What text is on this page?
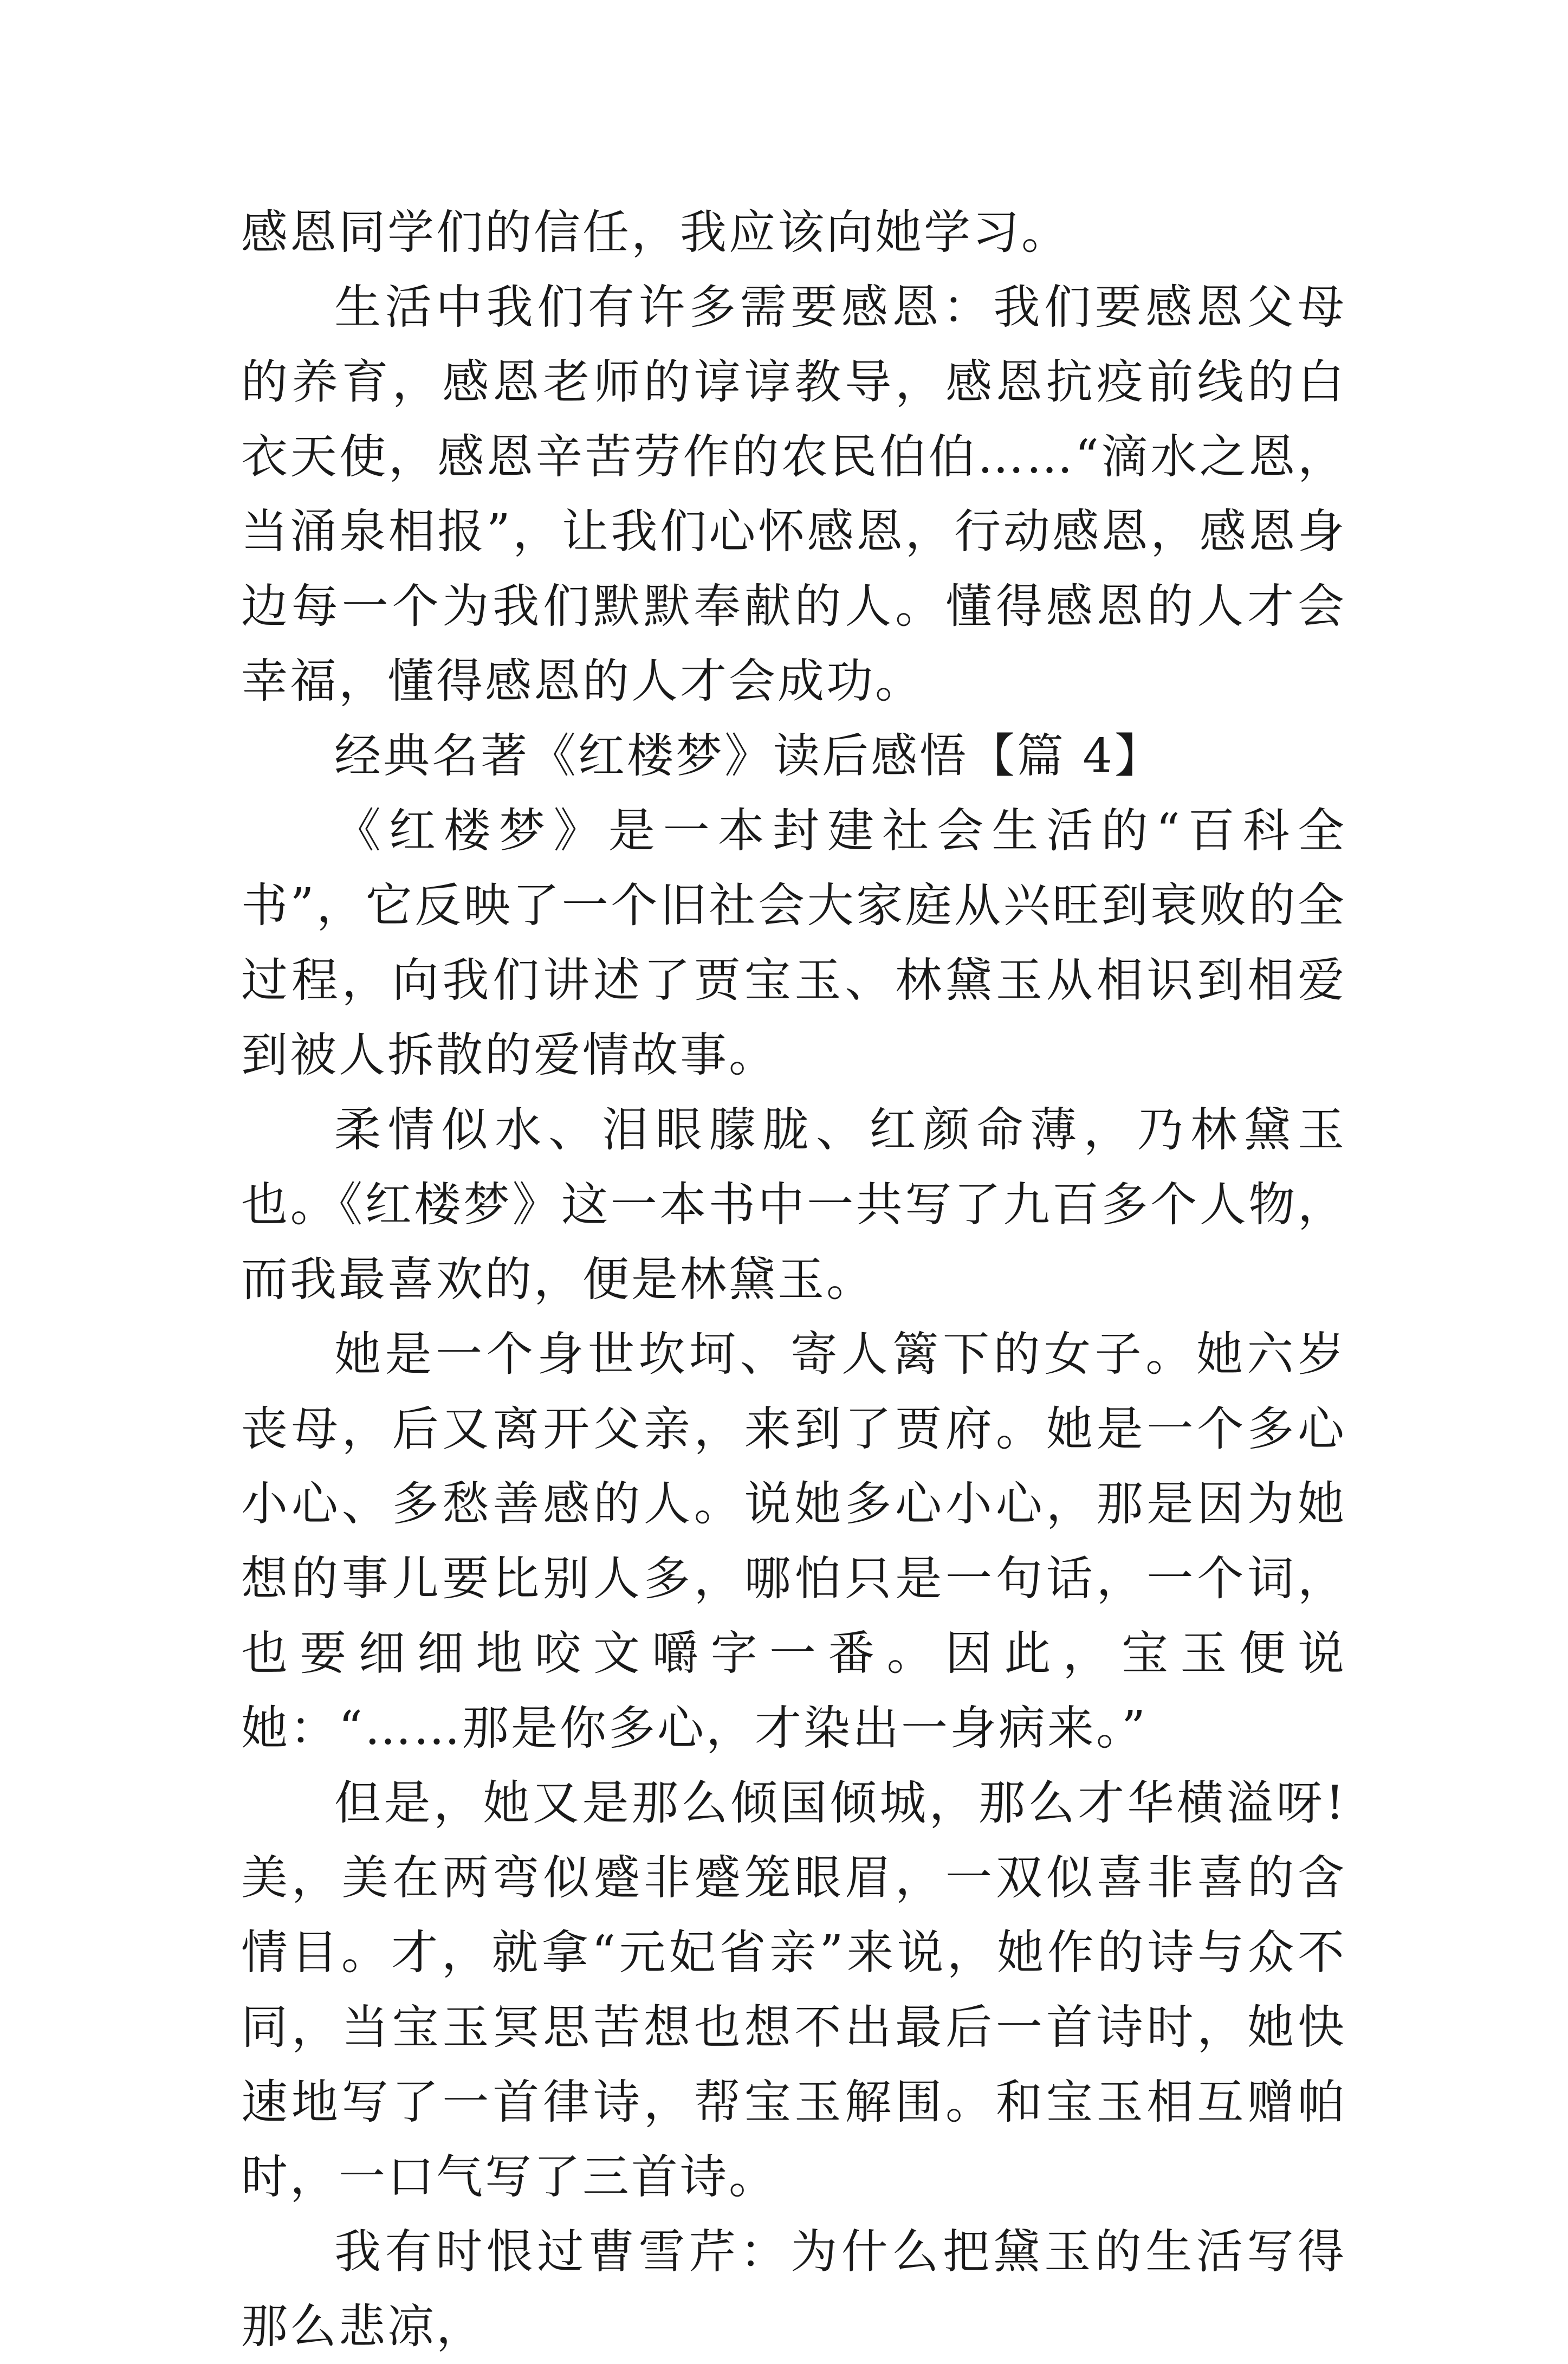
感恩同学们的信任，我应该向她学习。

生活中我们有许多需要感恩：我们要感恩父母的养育，感恩老师的谆谆教导，感恩抗疫前线的白衣天使，感恩辛苦劳作的农民伯伯……“滴水之恩，当涌泉相报”，让我们心怀感恩，行动感恩，感恩身边每一个为我们默默奉献的人。懂得感恩的人才会幸福，懂得感恩的人才会成功。

经典名著《红楼梦》读后感悟【篇 4】

《红楼梦》是一本封建社会生活的“百科全书”，它反映了一个旧社会大家庭从兴旺到衰败的全过程，向我们讲述了贾宝玉、林黛玉从相识到相爱到被人拆散的爱情故事。

柔情似水、泪眼朦胧、红颜命薄，乃林黛玉也。《红楼梦》这一本书中一共写了九百多个人物，而我最喜欢的，便是林黛玉。

她是一个身世坎坷、寄人篱下的女子。她六岁丧母，后又离开父亲，来到了贾府。她是一个多心小心、多愁善感的人。说她多心小心，那是因为她想的事儿要比别人多，哪怕只是一句话，一个词，也要细细地咬文嚼字一番。因此，宝玉便说她：“……那是你多心，才染出一身病来。”

但是，她又是那么倾国倾城，那么才华横溢呀!美，美在两弯似蹙非蹙笼眼眉，一双似喜非喜的含情目。才，就拿“元妃省亲”来说，她作的诗与众不同，当宝玉冥思苦想也想不出最后一首诗时，她快速地写了一首律诗，帮宝玉解围。和宝玉相互赠帕时，一口气写了三首诗。

我有时恨过曹雪芹：为什么把黛玉的生活写得那么悲凉，
